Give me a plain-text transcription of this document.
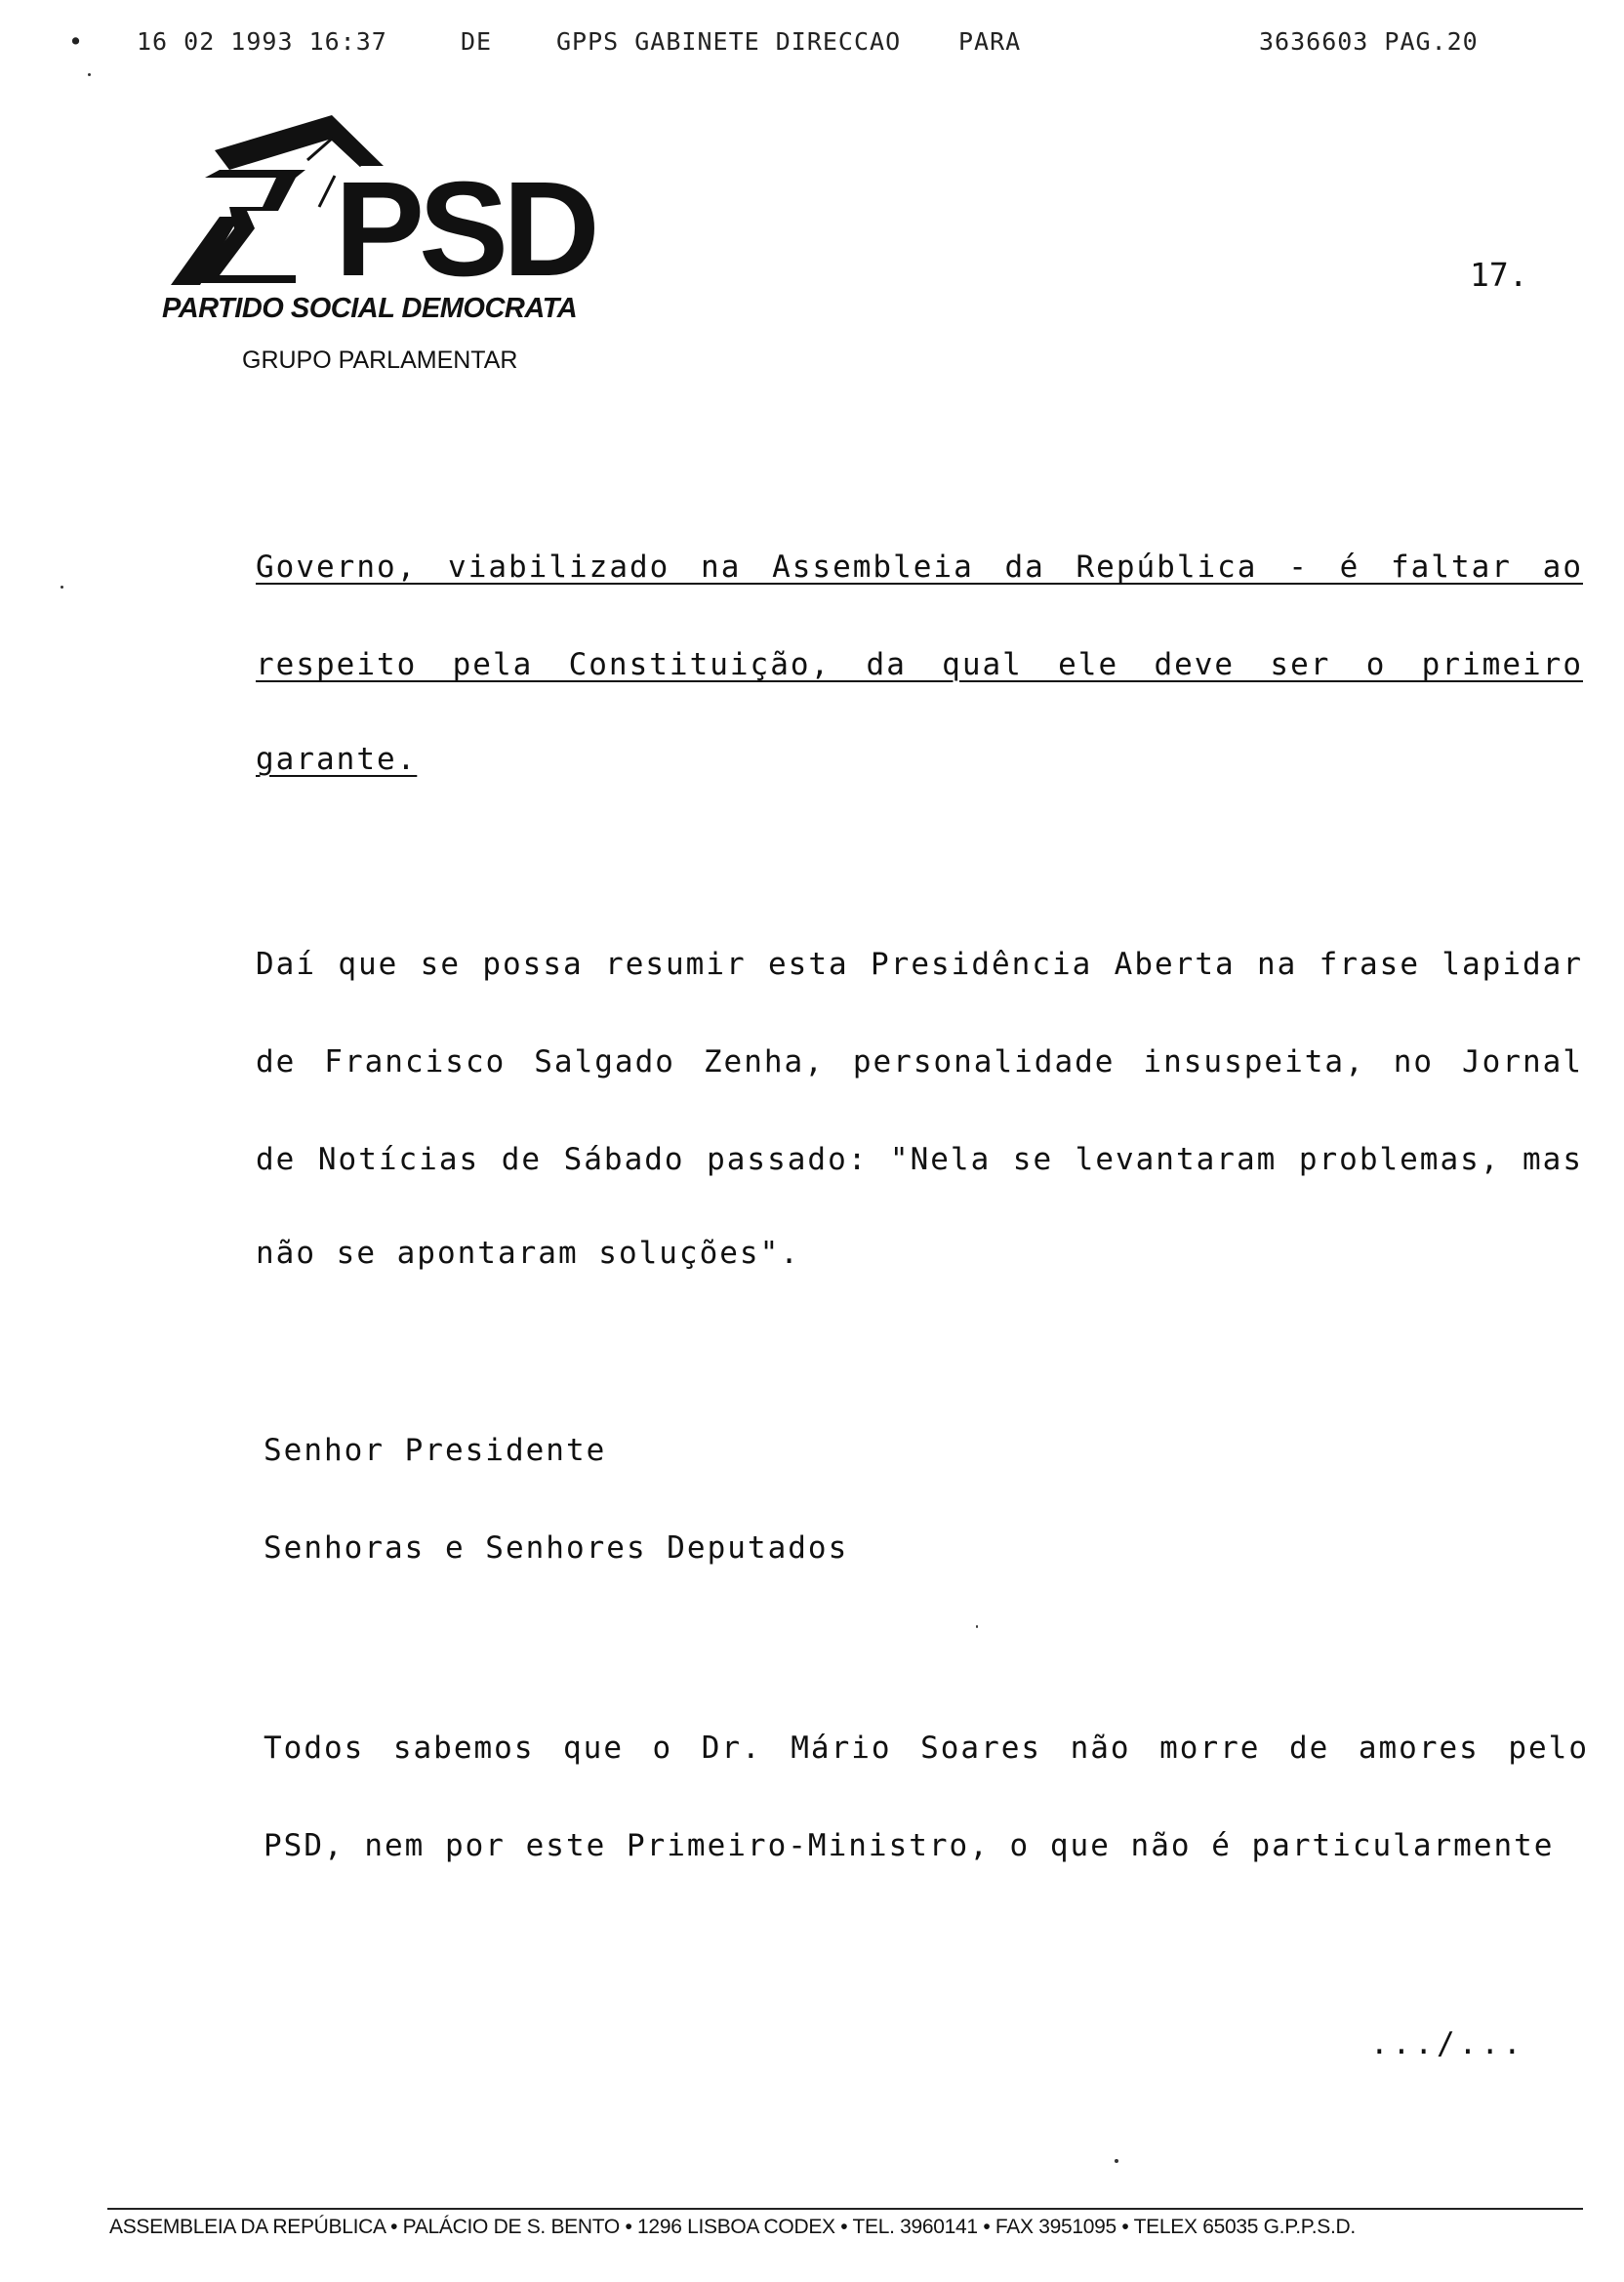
• 16 02 1993 16:37	DE	GPPS GABINETE DIRECCAO PARA	3636603 PAG.20
PSD
PARTIDO SOCIAL DEMOCRATA
GRUPO PARLAMENTAR
17.
Governo, viabilizado na Assembleia da República - é faltar ao
respeito pela Constituição, da qual ele deve ser o primeiro
garante.
Daí que se possa resumir esta Presidência Aberta na frase lapidar
de Francisco Salgado Zenha, personalidade insuspeita, no Jornal
de Notícias de Sábado passado: "Nela se levantaram problemas, mas
não se apontaram soluções".
Senhor Presidente
Senhoras e Senhores Deputados
Todos sabemos que o Dr. Mário Soares não morre de amores pelo
PSD, nem por este Primeiro-Ministro, o que não é particularmente
.../...
ASSEMBLEIA DA REPÚBLICA • PALÁCIO DE S. BENTO • 1296 LISBOA CODEX • TEL. 3960141 • FAX 3951095 • TELEX 65035 G.P.P.S.D.
